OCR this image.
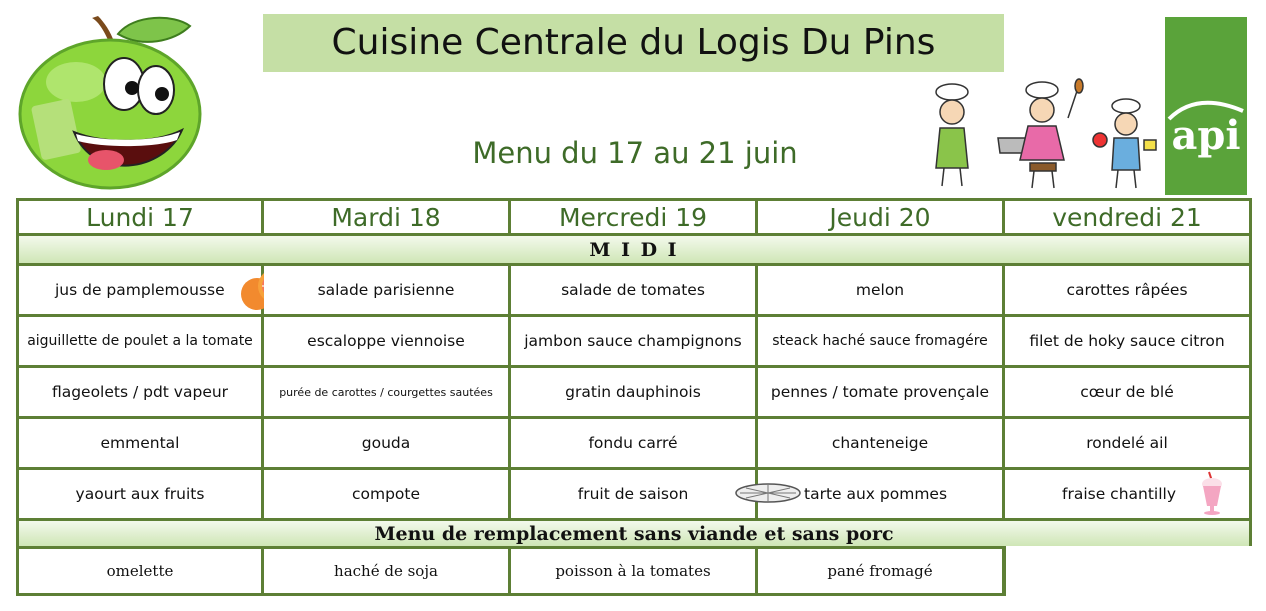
Cuisine Centrale du Logis Du Pins
Menu du 17 au 21 juin	api
Lundi 17	Mardi 18	Mercredi 19	Jeudi 20	vendredi 21
M I D I
jus de pamplemousse	salade parisienne	salade de tomates	melon	carottes râpées
aiguillette de poulet a la tomate	escaloppe viennoise	jambon sauce champignons	steack haché sauce fromagére	filet de hoky sauce citron
flageolets / pdt vapeur	purée de carottes / courgettes sautées	gratin dauphinois	pennes / tomate provençale	cœur de blé
emmental	gouda	fondu carré	chanteneige	rondelé ail
yaourt aux fruits	compote	fruit de saison	tarte aux pommes	fraise chantilly
Menu de remplacement sans viande et sans porc
omelette	haché de soja	poisson à la tomates	pané fromagé
